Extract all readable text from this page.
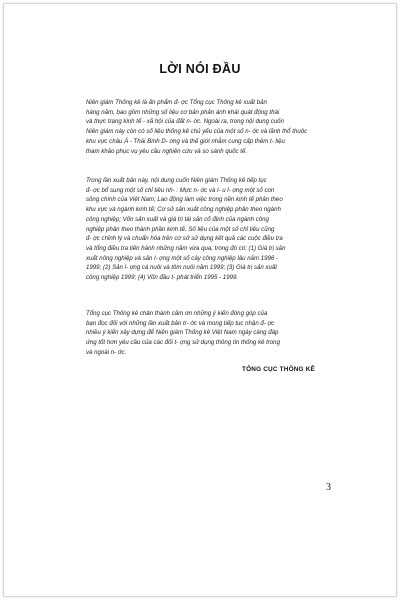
LỜI NÓI ĐẦU
Niên giám Thống kê là ấn phẩm đ- ợc Tổng cục Thống kê xuất bản
hàng năm, bao gồm những số liệu cơ bản phản ánh khái quát động thái
và thực trạng kinh tế - xã hội của đất n- ớc. Ngoài ra, trong nội dung cuốn
Niên giám này còn có số liệu thống kê chủ yếu của một số n- ớc và lãnh thổ thuộc
khu vực châu Á - Thái Bình D- ơng và thế giới nhằm cung cấp thêm t- liệu
tham khảo phục vụ yêu cầu nghiên cứu và so sánh quốc tế.
Trong lần xuất bản này, nội dung cuốn Niên giám Thống kê tiếp tục
đ- ợc bổ sung một số chỉ tiêu nh- : Mực n- ớc và l- u l- ợng một số con
sông chính của Việt Nam; Lao động làm việc trong nền kinh tế phân theo
khu vực và ngành kinh tế; Cơ sở sản xuất công nghiệp phân theo ngành
công nghiệp; Vốn sản xuất và giá trị tài sản cố định của ngành công
nghiệp phân theo thành phần kinh tế. Số liệu của một số chỉ tiêu cũng
đ- ợc chỉnh lý và chuẩn hóa trên cơ sở sử dụng kết quả các cuộc điều tra
và tổng điều tra tiến hành những năm vừa qua, trong đó có: (1) Giá trị sản
xuất nông nghiệp và sản l- ợng một số cây công nghiệp lâu năm 1996 -
1999; (2) Sản l- ợng cá nuôi và tôm nuôi năm 1999; (3) Giá trị sản xuất
công nghiệp 1999; (4) Vốn đầu t- phát triển 1995 - 1999.
Tổng cục Thống kê chân thành cảm ơn những ý kiến đóng góp của
bạn đọc đối với những lần xuất bản tr- ớc và mong tiếp tục nhận đ- ợc
nhiều ý kiến xây dựng để Niên giám Thống kê Việt Nam ngày càng đáp
ứng tốt hơn yêu cầu của các đối t- ợng sử dụng thông tin thống kê trong
và ngoài n- ớc.
TỔNG CỤC THỐNG KÊ
3
